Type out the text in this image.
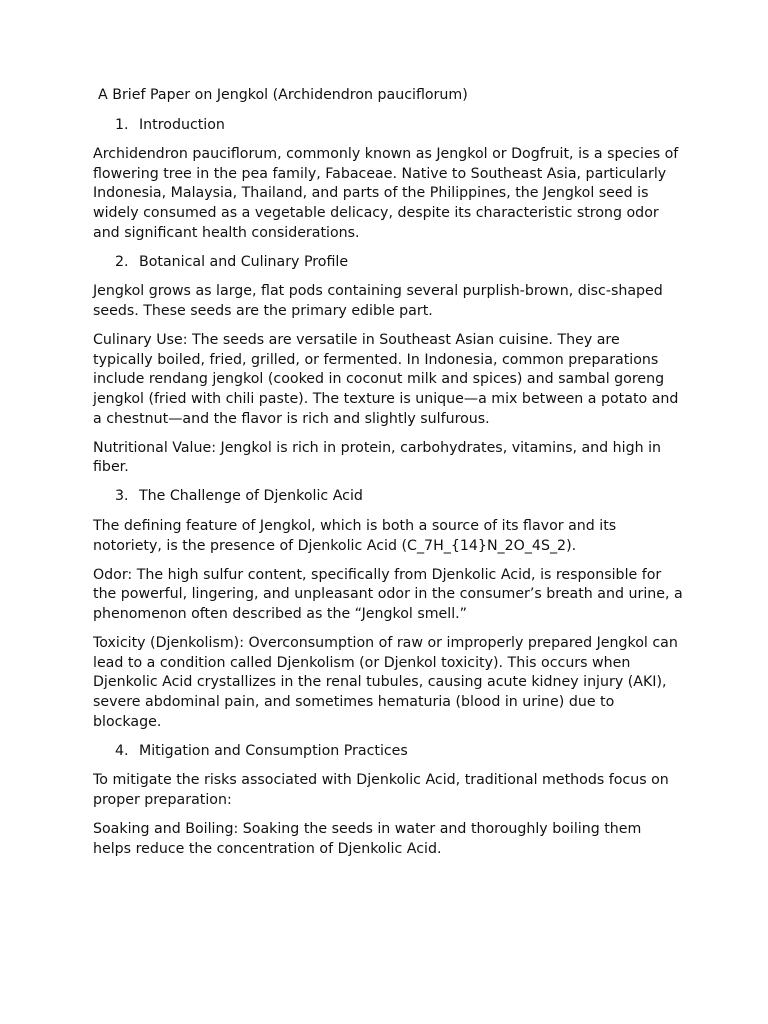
A Brief Paper on Jengkol (Archidendron pauciflorum)
1. Introduction

Archidendron pauciflorum, commonly known as Jengkol or Dogfruit, is a species of flowering tree in the pea family, Fabaceae. Native to Southeast Asia, particularly Indonesia, Malaysia, Thailand, and parts of the Philippines, the Jengkol seed is widely consumed as a vegetable delicacy, despite its characteristic strong odor and significant health considerations.

2. Botanical and Culinary Profile

Jengkol grows as large, flat pods containing several purplish-brown, disc-shaped seeds. These seeds are the primary edible part.

Culinary Use: The seeds are versatile in Southeast Asian cuisine. They are typically boiled, fried, grilled, or fermented. In Indonesia, common preparations include rendang jengkol (cooked in coconut milk and spices) and sambal goreng jengkol (fried with chili paste). The texture is unique—a mix between a potato and a chestnut—and the flavor is rich and slightly sulfurous.

Nutritional Value: Jengkol is rich in protein, carbohydrates, vitamins, and high in fiber.

3. The Challenge of Djenkolic Acid

The defining feature of Jengkol, which is both a source of its flavor and its notoriety, is the presence of Djenkolic Acid (C_7H_{14}N_2O_4S_2).

Odor: The high sulfur content, specifically from Djenkolic Acid, is responsible for the powerful, lingering, and unpleasant odor in the consumer’s breath and urine, a phenomenon often described as the “Jengkol smell.”

Toxicity (Djenkolism): Overconsumption of raw or improperly prepared Jengkol can lead to a condition called Djenkolism (or Djenkol toxicity). This occurs when Djenkolic Acid crystallizes in the renal tubules, causing acute kidney injury (AKI), severe abdominal pain, and sometimes hematuria (blood in urine) due to blockage.

4. Mitigation and Consumption Practices

To mitigate the risks associated with Djenkolic Acid, traditional methods focus on proper preparation:

Soaking and Boiling: Soaking the seeds in water and thoroughly boiling them helps reduce the concentration of Djenkolic Acid.
